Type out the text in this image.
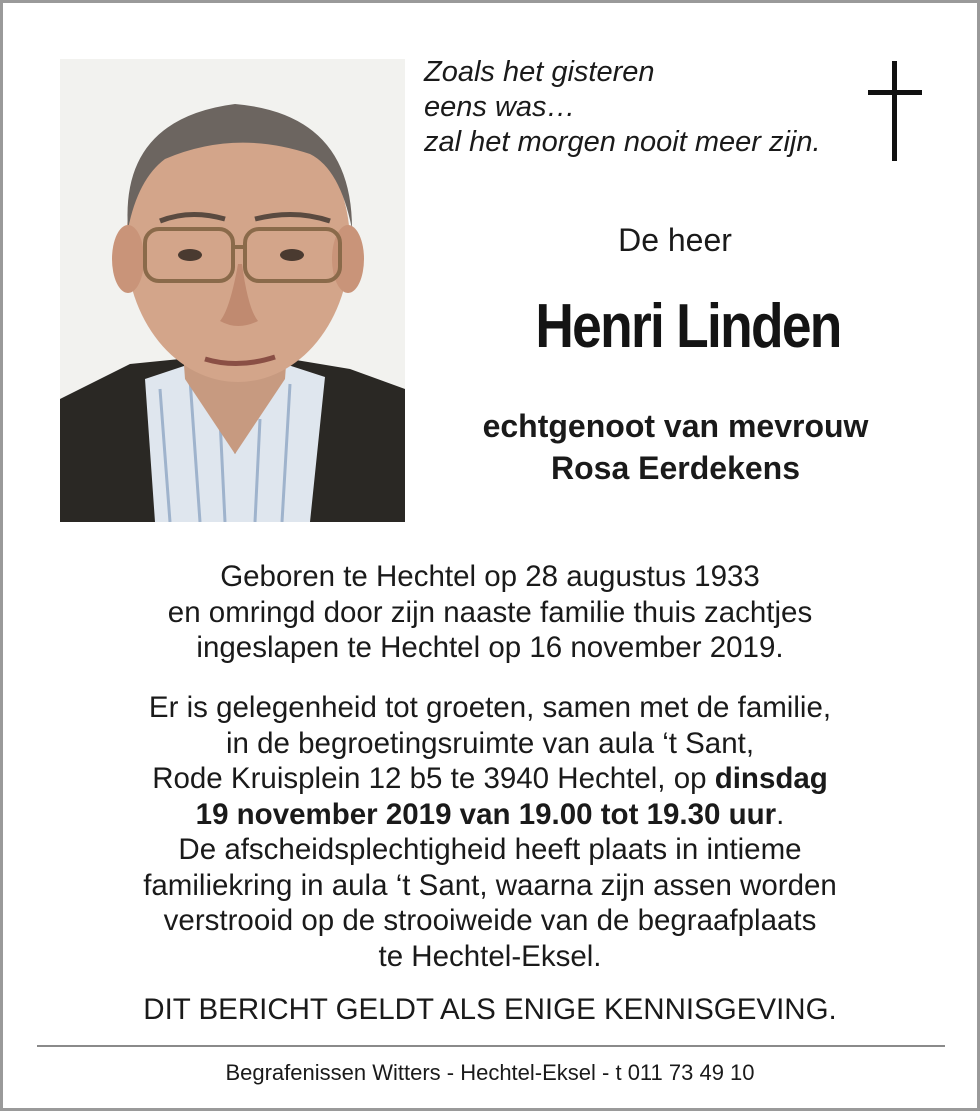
Zoals het gisteren
eens was…
zal het morgen nooit meer zijn.
De heer
Henri Linden
echtgenoot van mevrouw
Rosa Eerdekens
Geboren te Hechtel op 28 augustus 1933
en omringd door zijn naaste familie thuis zachtjes
ingeslapen te Hechtel op 16 november 2019.
Er is gelegenheid tot groeten, samen met de familie,
in de begroetingsruimte van aula ‘t Sant,
Rode Kruisplein 12 b5 te 3940 Hechtel, op dinsdag
19 november 2019 van 19.00 tot 19.30 uur.
De afscheidsplechtigheid heeft plaats in intieme
familiekring in aula ‘t Sant, waarna zijn assen worden
verstrooid op de strooiweide van de begraafplaats
te Hechtel-Eksel.
DIT BERICHT GELDT ALS ENIGE KENNISGEVING.
Begrafenissen Witters - Hechtel-Eksel - t 011 73 49 10
